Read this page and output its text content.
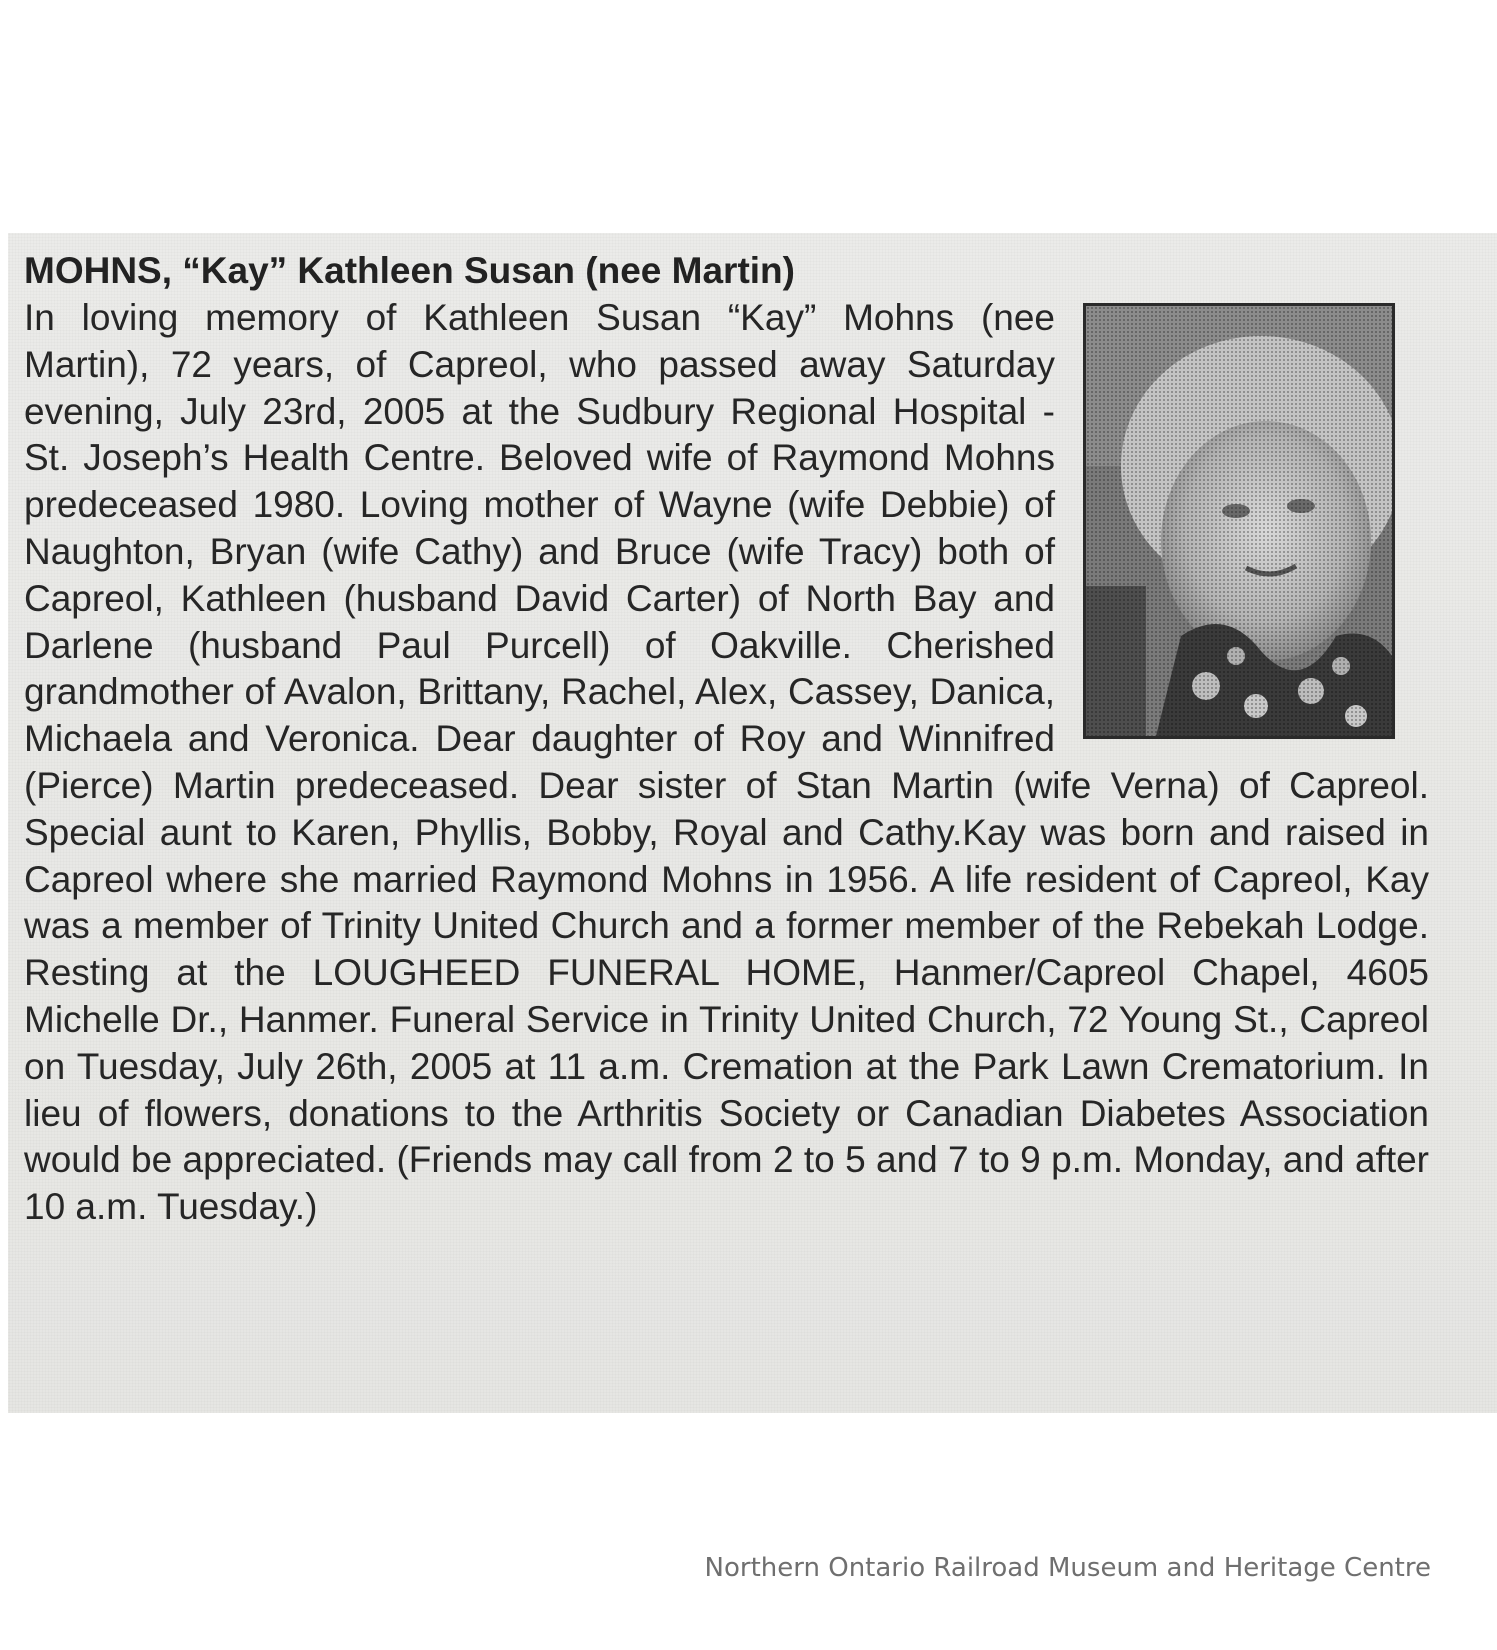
MOHNS, “Kay” Kathleen Susan (nee Martin)

In loving memory of Kathleen Susan “Kay” Mohns (nee Martin), 72 years, of Capreol, who passed away Saturday evening, July 23rd, 2005 at the Sudbury Regional Hospital - St. Joseph’s Health Centre. Beloved wife of Raymond Mohns predeceased 1980. Loving mother of Wayne (wife Debbie) of Naughton, Bryan (wife Cathy) and Bruce (wife Tracy) both of Capreol, Kathleen (husband David Carter) of North Bay and Darlene (husband Paul Purcell) of Oakville. Cherished grandmother of Avalon, Brittany, Rachel, Alex, Cassey, Danica, Michaela and Veronica. Dear daughter of Roy and Winnifred (Pierce) Martin predeceased. Dear sister of Stan Martin (wife Verna) of Capreol. Special aunt to Karen, Phyllis, Bobby, Royal and Cathy.Kay was born and raised in Capreol where she married Raymond Mohns in 1956. A life resident of Capreol, Kay was a member of Trinity United Church and a former member of the Rebekah Lodge. Resting at the LOUGHEED FUNERAL HOME, Hanmer/Capreol Chapel, 4605 Michelle Dr., Hanmer. Funeral Service in Trinity United Church, 72 Young St., Capreol on Tuesday, July 26th, 2005 at 11 a.m. Cremation at the Park Lawn Crematorium. In lieu of flowers, donations to the Arthritis Society or Canadian Diabetes Association would be appreciated. (Friends may call from 2 to 5 and 7 to 9 p.m. Monday, and after 10 a.m. Tuesday.)

Northern Ontario Railroad Museum and Heritage Centre
